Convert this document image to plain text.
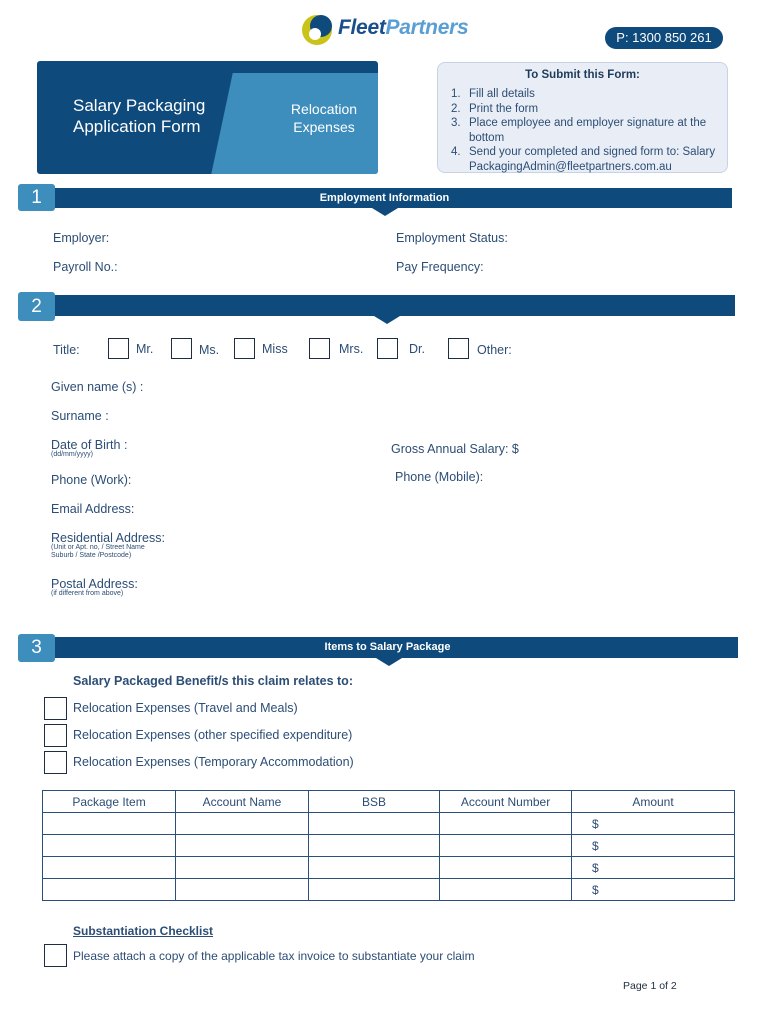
FleetPartners	P: 1300 850 261
Salary Packaging
Application Form
Relocation
Expenses
To Submit this Form:
1. Fill all details
2. Print the form
3. Place employee and employer signature at the bottom
4. Send your completed and signed form to: SalaryPackagingAdmin@fleetpartners.com.au
Employment Information
1
Employer:	Employment Status:
Payroll No.:	Pay Frequency:
2
Title:	Mr.	Ms.	Miss	Mrs.	Dr.	Other:
Given name (s) :
Surname :
Date of Birth :
(dd/mm/yyyy)	Gross Annual Salary: $
Phone (Work):	Phone (Mobile):
Email Address:
Residential Address:
(Unit or Apt. no, / Street Name
Suburb / State /Postcode)
Postal Address:
(if different from above)
Items to Salary Package
3
Salary Packaged Benefit/s this claim relates to:
Relocation Expenses (Travel and Meals)
Relocation Expenses (other specified expenditure)
Relocation Expenses (Temporary Accommodation)
Package Item	Account Name	BSB	Account Number	Amount
				$
				$
				$
				$
Substantiation Checklist
Please attach a copy of the applicable tax invoice to substantiate your claim
Page 1 of 2
